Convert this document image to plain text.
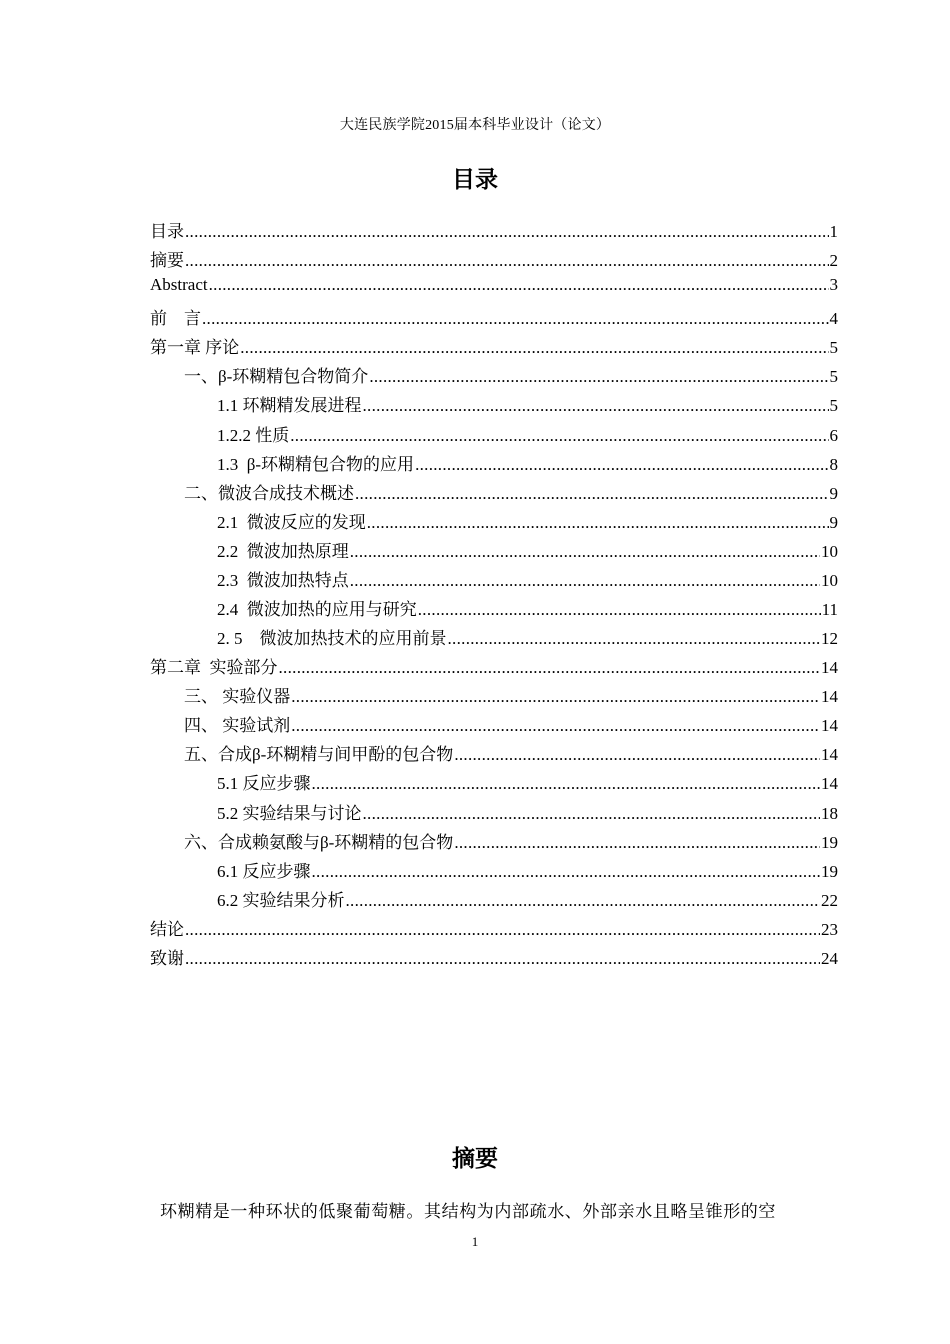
大连民族学院2015届本科毕业设计（论文）
目录
目录 .....	1
摘要 .....	2
Abstract .....	3
前　言 .....	4
第一章 序论 .....	5
一、β-环糊精包合物简介 .....	5
1.1 环糊精发展进程 .....	5
1.2.2 性质 .....	6
1.3  β-环糊精包合物的应用 .....	8
二、微波合成技术概述 .....	9
2.1  微波反应的发现 .....	9
2.2  微波加热原理 .....	10
2.3  微波加热特点 .....	10
2.4  微波加热的应用与研究 .....	11
2. 5　微波加热技术的应用前景 .....	12
第二章  实验部分 .....	14
三、 实验仪器 .....	14
四、 实验试剂 .....	14
五、合成β-环糊精与间甲酚的包合物 .....	14
5.1 反应步骤 .....	14
5.2 实验结果与讨论 .....	18
六、合成赖氨酸与β-环糊精的包合物 .....	19
6.1 反应步骤 .....	19
6.2 实验结果分析 .....	22
结论 .....	23
致谢 .....	24
摘要
环糊精是一种环状的低聚葡萄糖。其结构为内部疏水、外部亲水且略呈锥形的空
1
